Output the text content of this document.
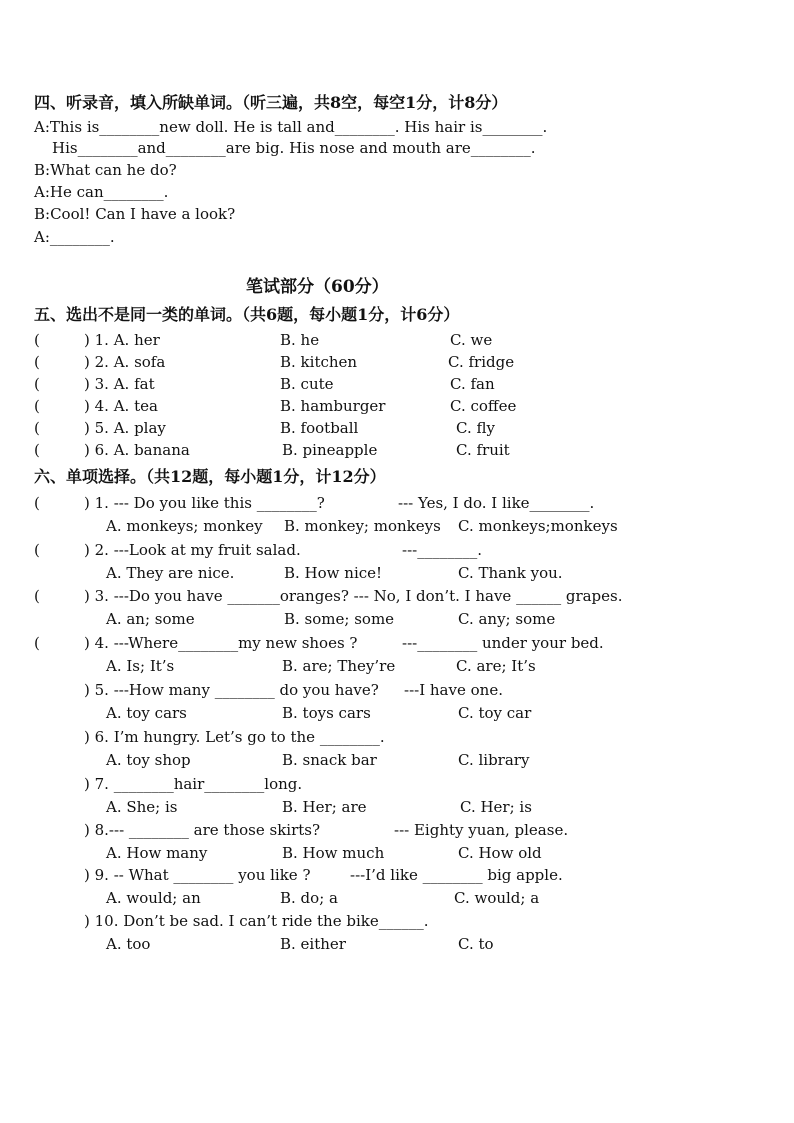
四、听录音，填入所缺单词。（听三遍，共8空，每空1分，计8分）
A:This is________new doll. He is tall and________. His hair is________.
His________and________are big. His nose and mouth are________.
B:What can he do?
A:He can________.
B:Cool! Can I have a look?
A:________.
笔试部分（60分）
五、选出不是同一类的单词。（共6题，每小题1分，计6分）
(	) 1. A. her	B. he	C. we
(	) 2. A. sofa	B. kitchen	C. fridge
(	) 3. A. fat	B. cute	C. fan
(	) 4. A. tea	B. hamburger	C. coffee
(	) 5. A. play	B. football	C. fly
(	) 6. A. banana	B. pineapple	C. fruit
六、单项选择。（共12题，每小题1分，计12分）
(	) 1. --- Do you like this ________?	--- Yes, I do. I like________.
A. monkeys; monkey B. monkey; monkeys C. monkeys;monkeys
(	) 2. ---Look at my fruit salad.	---________.
A. They are nice.	B. How nice!	C. Thank you.
(	) 3. ---Do you have _______oranges? --- No, I don’t. I have ______ grapes.
A. an; some	B. some; some	C. any; some
(	) 4. ---Where________my new shoes ?	---________ under your bed.
A. Is; It’s	B. are; They’re	C. are; It’s
) 5. ---How many ________ do you have? ---I have one.
A. toy cars	B. toys cars	C. toy car
) 6. I’m hungry. Let’s go to the ________.
A. toy shop	B. snack bar	C. library
) 7. ________hair________long.
A. She; is	B. Her; are	C. Her; is
) 8.--- ________ are those skirts?	--- Eighty yuan, please.
A. How many	B. How much	C. How old
) 9. -- What ________ you like ?	---I’d like ________ big apple.
A. would; an	B. do; a	C. would; a
) 10. Don’t be sad. I can’t ride the bike______.
A. too	B. either	C. to
